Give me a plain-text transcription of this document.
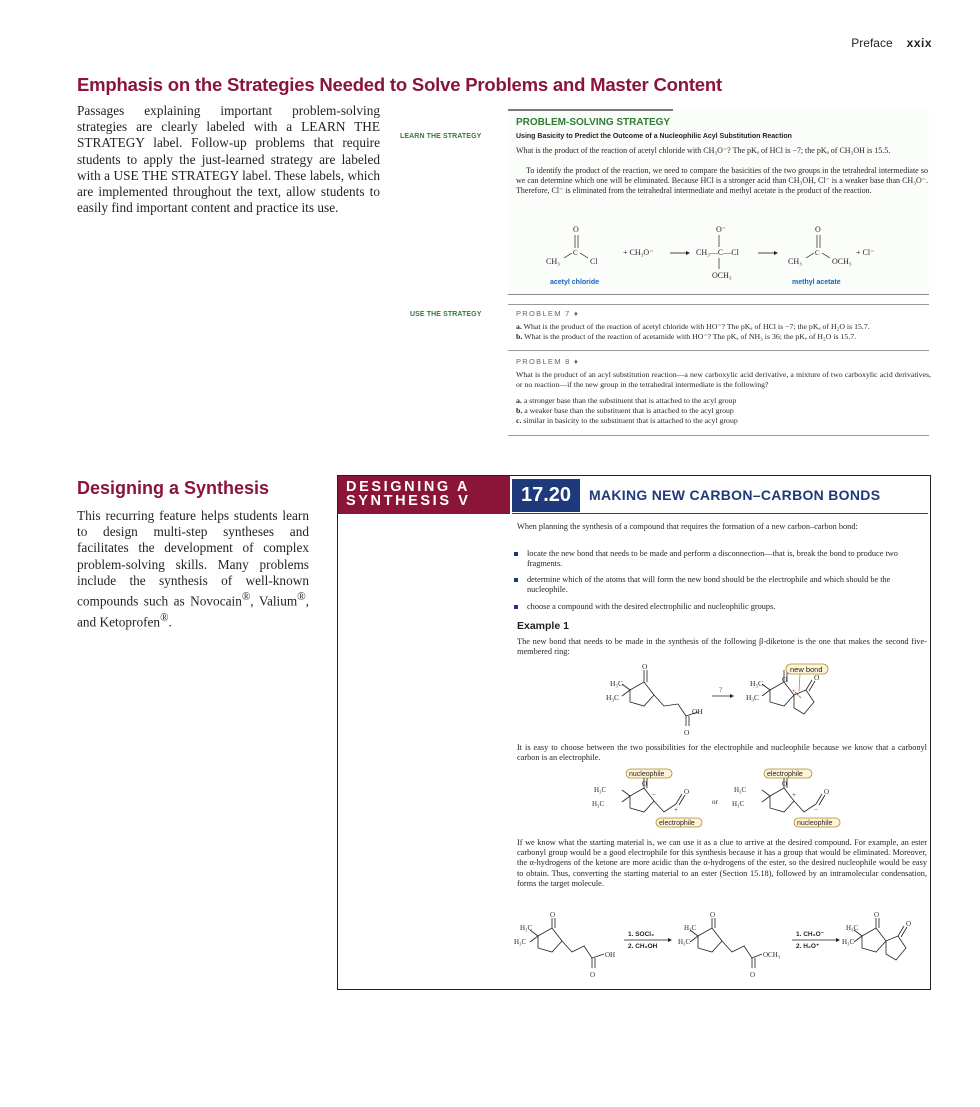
Preface xxix
Emphasis on the Strategies Needed to Solve Problems and Master Content
Passages explaining important problem-solving strategies are clearly labeled with a LEARN THE STRATEGY label. Follow-up problems that require students to apply the just-learned strategy are labeled with a USE THE STRATEGY label. These labels, which are implemented throughout the text, allow students to easily find important content and practice its use.
LEARN THE STRATEGY
USE THE STRATEGY
PROBLEM-SOLVING STRATEGY
Using Basicity to Predict the Outcome of a Nucleophilic Acyl Substitution Reaction
What is the product of the reaction of acetyl chloride with CH₃O⁻? The pKₐ of HCl is −7; the pKₐ of CH₃OH is 15.5.
To identify the product of the reaction, we need to compare the basicities of the two groups in the tetrahedral intermediate so we can determine which one will be eliminated. Because HCl is a stronger acid than CH₃OH, Cl⁻ is a weaker base than CH₃O⁻. Therefore, Cl⁻ is eliminated from the tetrahedral intermediate and methyl acetate is the product of the reaction.
O
C
CH₃	Cl
+ CH₃O⁻
O⁻
CH₃—C—Cl
OCH₃
O
C
CH₃	OCH₃
+ Cl⁻
acetyl chloride	methyl acetate
PROBLEM 7 ♦
a. What is the product of the reaction of acetyl chloride with HO⁻? The pKₐ of HCl is −7; the pKₐ of H₂O is 15.7.
b. What is the product of the reaction of acetamide with HO⁻? The pKₐ of NH₃ is 36; the pKₐ of H₂O is 15.7.
PROBLEM 8 ♦
What is the product of an acyl substitution reaction—a new carboxylic acid derivative, a mixture of two carboxylic acid derivatives, or no reaction—if the new group in the tetrahedral intermediate is the following?
a. a stronger base than the substituent that is attached to the acyl group
b. a weaker base than the substituent that is attached to the acyl group
c. similar in basicity to the substituent that is attached to the acyl group
Designing a Synthesis
This recurring feature helps students learn to design multi-step syntheses and facilitates the development of complex problem-solving skills. Many problems include the synthesis of well-known compounds such as Novocain®, Valium®, and Ketoprofen®.
DESIGNING A SYNTHESIS V	17.20	MAKING NEW CARBON–CARBON BONDS
When planning the synthesis of a compound that requires the formation of a new carbon–carbon bond:
locate the new bond that needs to be made and perform a disconnection—that is, break the bond to produce two fragments.
determine which of the atoms that will form the new bond should be the electrophile and which should be the nucleophile.
choose a compound with the desired electrophilic and nucleophilic groups.
Example 1
The new bond that needs to be made in the synthesis of the following β-diketone is the one that makes the second five-membered ring:
H₃C
H₃C
O
OH
O
H₃C
H₃C
O	O
?
new bond
It is easy to choose between the two possibilities for the electrophile and nucleophile because we know that a carbonyl carbon is an electrophile.
H₃C
H₃C
O
O
−
+
or
H₃C
H₃C
O
O
+
−
nucleophile
electrophile
electrophile
nucleophile
If we know what the starting material is, we can use it as a clue to arrive at the desired compound. For example, an ester carbonyl group would be a good electrophile for this synthesis because it has a group that would be eliminated. Moreover, the α-hydrogens of the ketone are more acidic than the α-hydrogens of the ester, so the desired nucleophile would be easy to obtain. Thus, converting the starting material to an ester (Section 15.18), followed by an intramolecular condensation, forms the target molecule.
H₃C
H₃C
O
OH
O
H₃C
H₃C
O
OCH₃
O
H₃C
H₃C
O
O
1. SOCl₂
2. CH₃OH
1. CH₃O⁻
2. H₃O⁺
